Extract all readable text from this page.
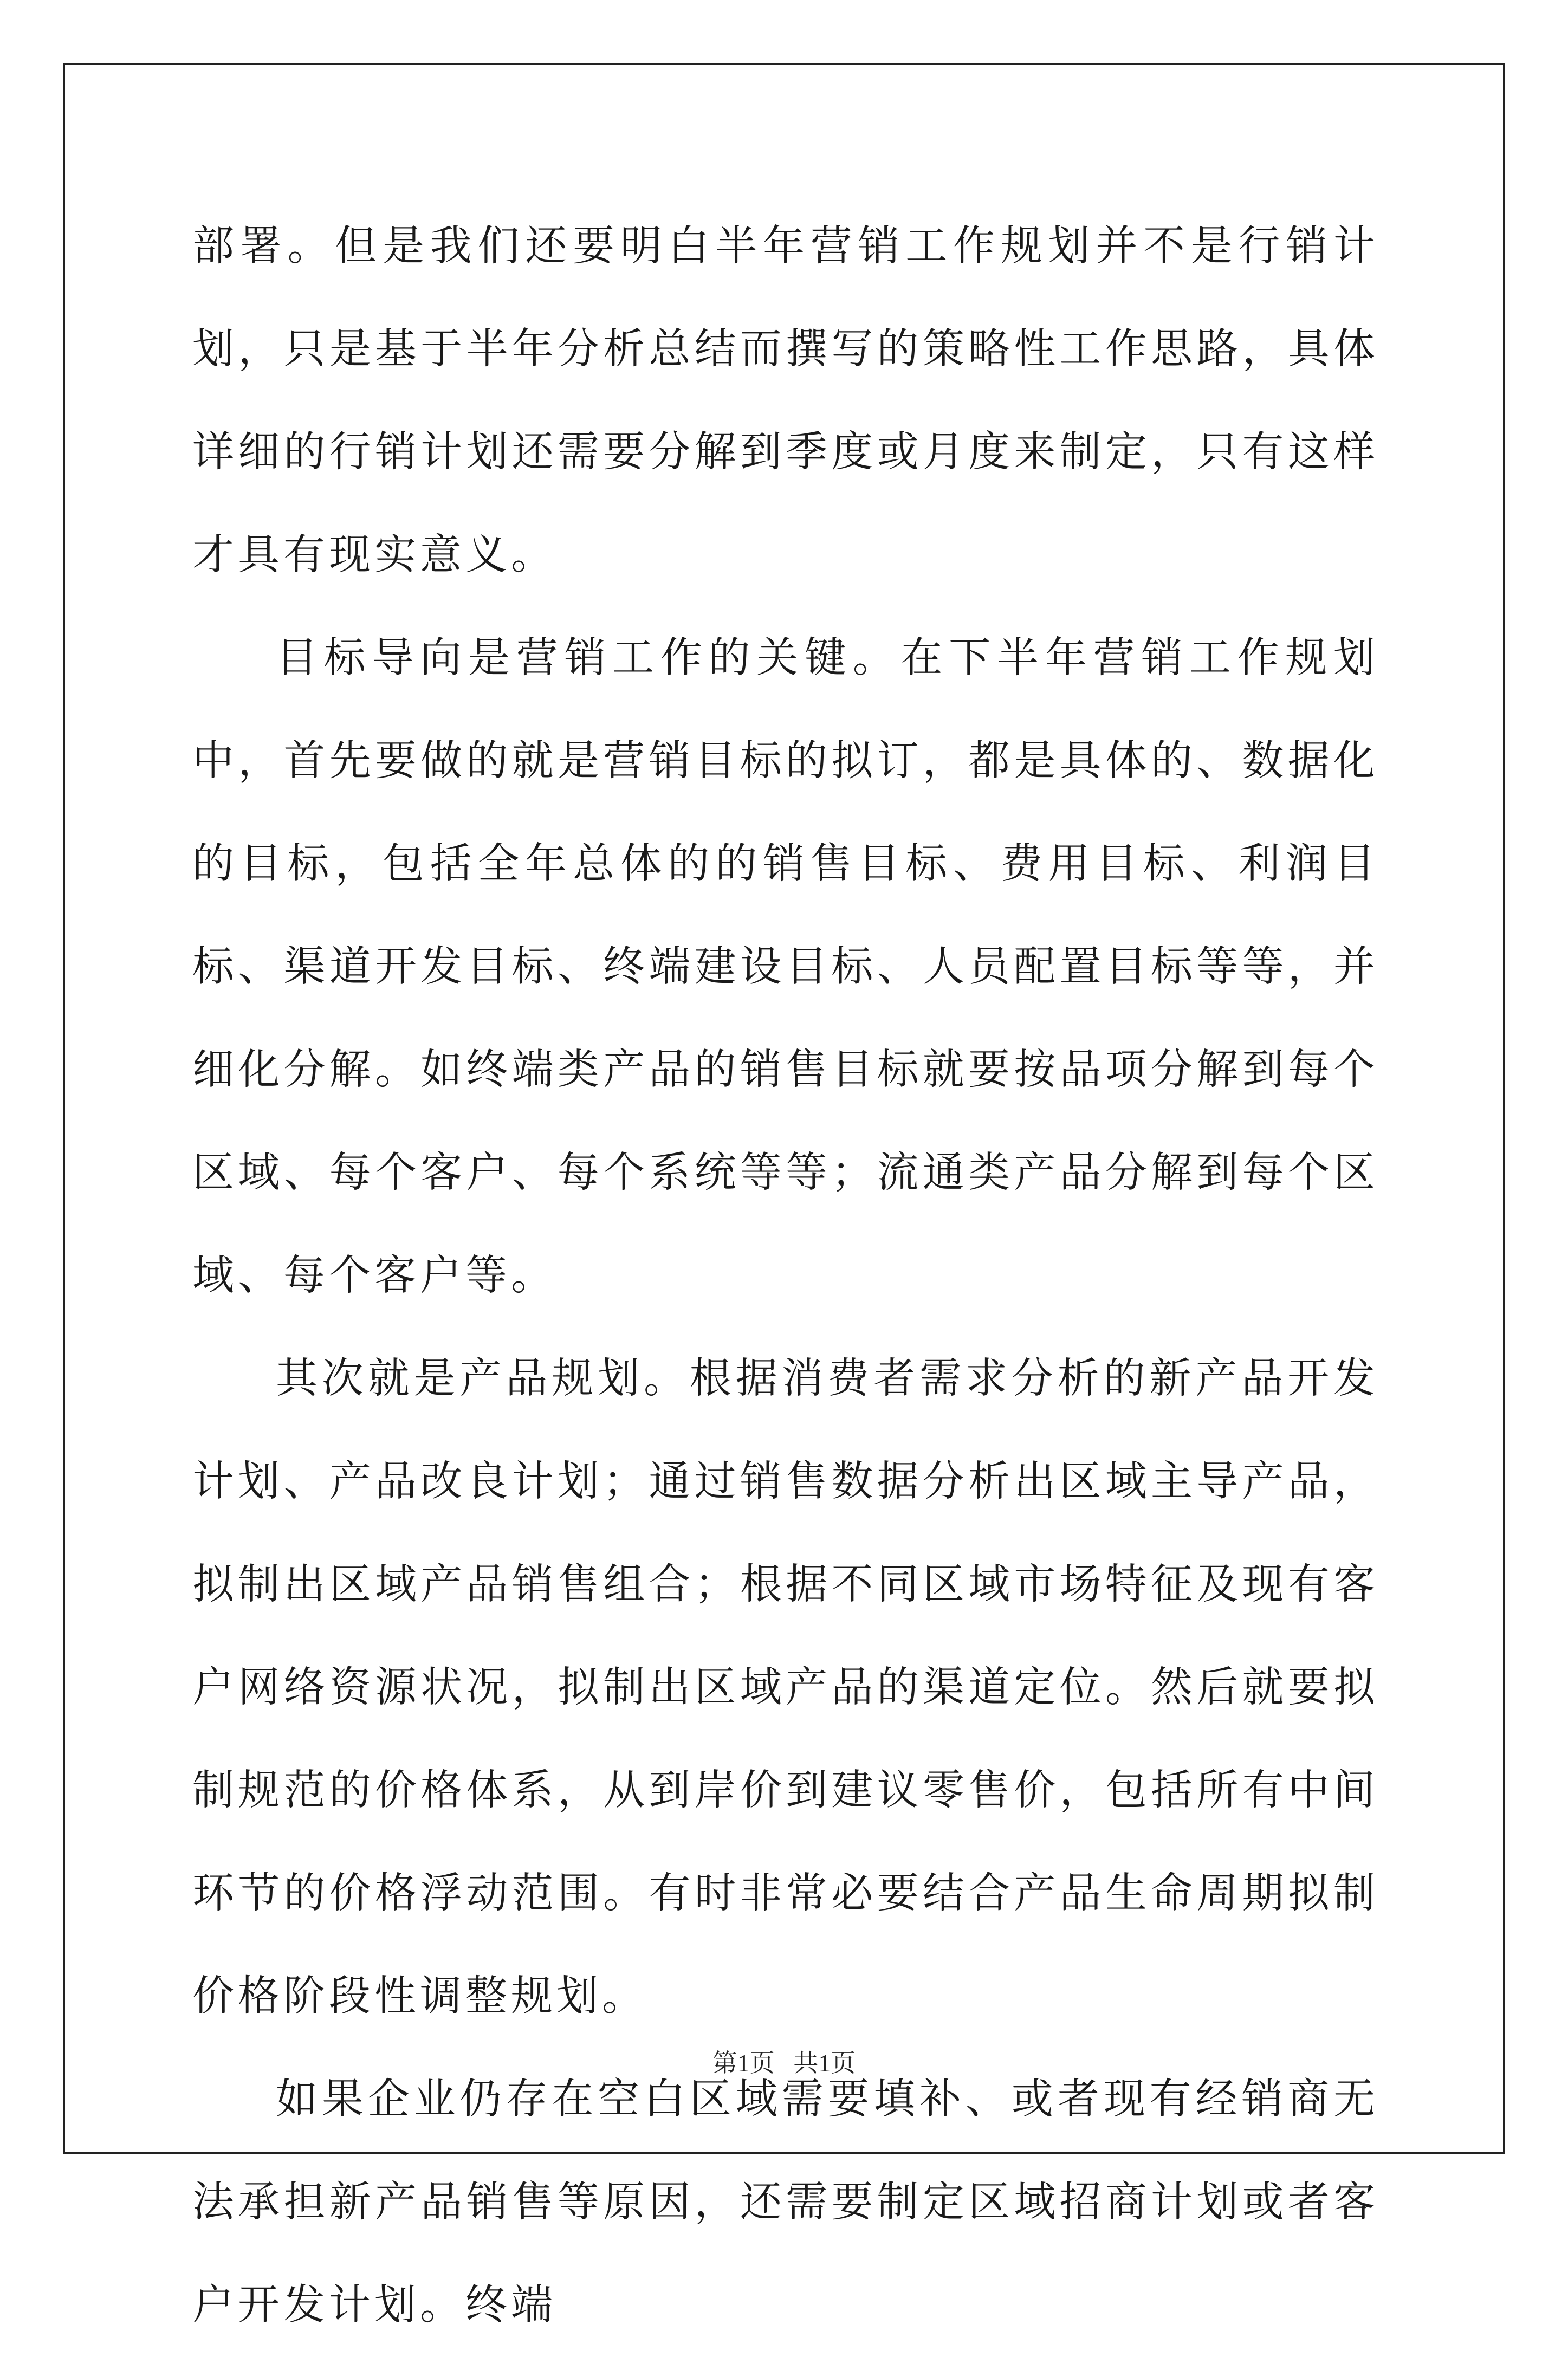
部署。但是我们还要明白半年营销工作规划并不是行销计划，只是基于半年分析总结而撰写的策略性工作思路，具体详细的行销计划还需要分解到季度或月度来制定，只有这样才具有现实意义。

目标导向是营销工作的关键。在下半年营销工作规划中，首先要做的就是营销目标的拟订，都是具体的、数据化的目标，包括全年总体的的销售目标、费用目标、利润目标、渠道开发目标、终端建设目标、人员配置目标等等，并细化分解。如终端类产品的销售目标就要按品项分解到每个区域、每个客户、每个系统等等；流通类产品分解到每个区域、每个客户等。

其次就是产品规划。根据消费者需求分析的新产品开发计划、产品改良计划；通过销售数据分析出区域主导产品，拟制出区域产品销售组合；根据不同区域市场特征及现有客户网络资源状况，拟制出区域产品的渠道定位。然后就要拟制规范的价格体系，从到岸价到建议零售价，包括所有中间环节的价格浮动范围。有时非常必要结合产品生命周期拟制价格阶段性调整规划。

如果企业仍存在空白区域需要填补、或者现有经销商无法承担新产品销售等原因，还需要制定区域招商计划或者客户开发计划。终端

第1页   共1页
